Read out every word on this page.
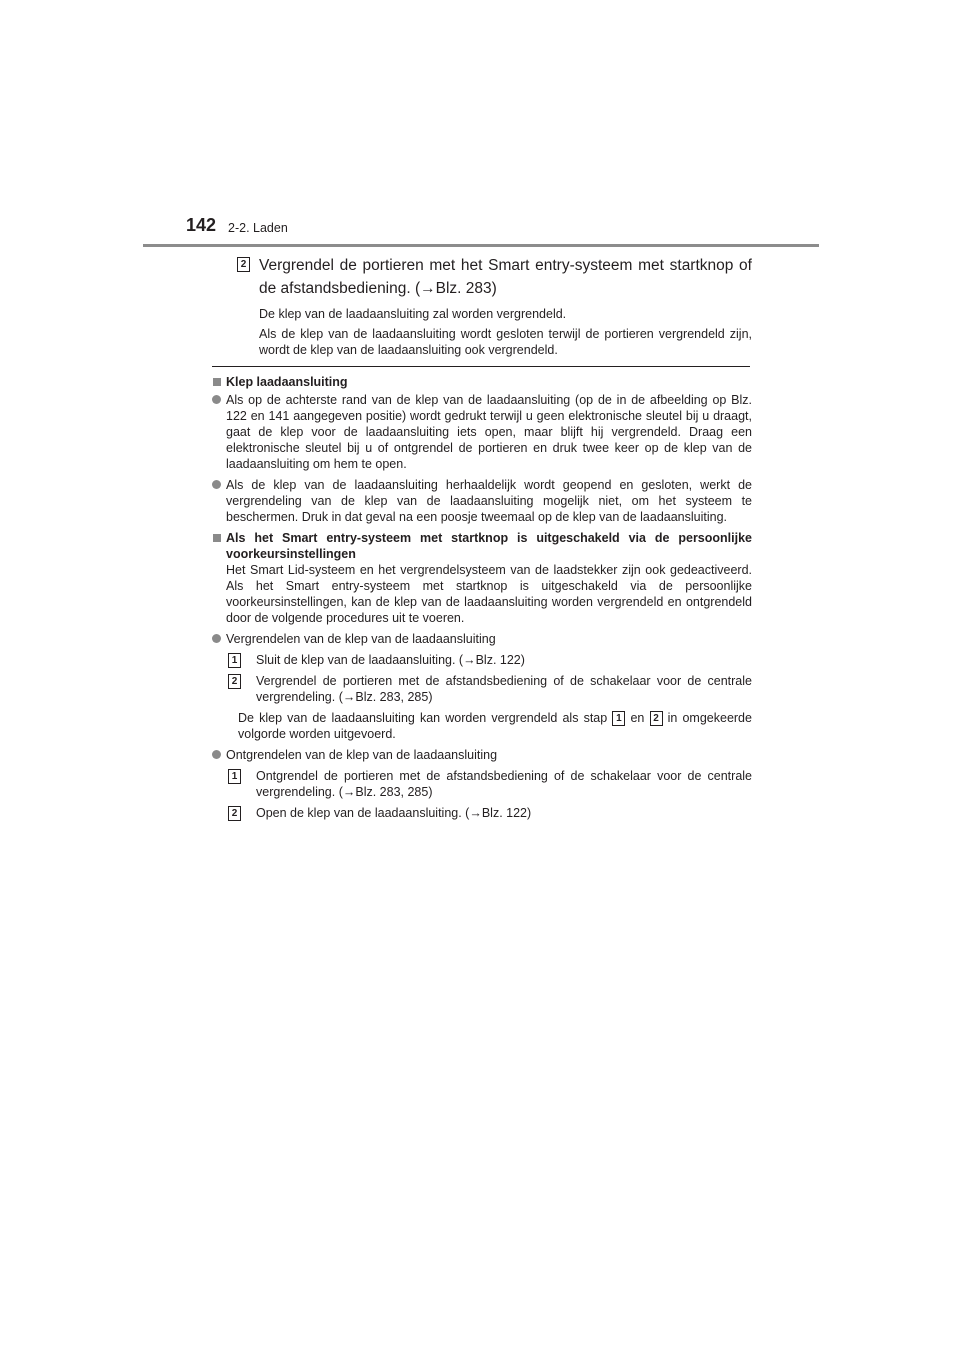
142 2-2. Laden
2 Vergrendel de portieren met het Smart entry-systeem met startknop of de afstandsbediening. (→Blz. 283)

De klep van de laadaansluiting zal worden vergrendeld.

Als de klep van de laadaansluiting wordt gesloten terwijl de portieren vergrendeld zijn, wordt de klep van de laadaansluiting ook vergrendeld.

Klep laadaansluiting

Als op de achterste rand van de klep van de laadaansluiting (op de in de afbeelding op Blz. 122 en 141 aangegeven positie) wordt gedrukt terwijl u geen elektronische sleutel bij u draagt, gaat de klep voor de laadaansluiting iets open, maar blijft hij vergrendeld. Draag een elektronische sleutel bij u of ontgrendel de portieren en druk twee keer op de klep van de laadaansluiting om hem te open.

Als de klep van de laadaansluiting herhaaldelijk wordt geopend en gesloten, werkt de vergrendeling van de klep van de laadaansluiting mogelijk niet, om het systeem te beschermen. Druk in dat geval na een poosje tweemaal op de klep van de laadaansluiting.

Als het Smart entry-systeem met startknop is uitgeschakeld via de persoonlijke voorkeursinstellingen

Het Smart Lid-systeem en het vergrendelsysteem van de laadstekker zijn ook gedeactiveerd. Als het Smart entry-systeem met startknop is uitgeschakeld via de persoonlijke voorkeursinstellingen, kan de klep van de laadaansluiting worden vergrendeld en ontgrendeld door de volgende procedures uit te voeren.

Vergrendelen van de klep van de laadaansluiting

1 Sluit de klep van de laadaansluiting. (→Blz. 122)

2 Vergrendel de portieren met de afstandsbediening of de schakelaar voor de centrale vergrendeling. (→Blz. 283, 285)

De klep van de laadaansluiting kan worden vergrendeld als stap 1 en 2 in omgekeerde volgorde worden uitgevoerd.

Ontgrendelen van de klep van de laadaansluiting

1 Ontgrendel de portieren met de afstandsbediening of de schakelaar voor de centrale vergrendeling. (→Blz. 283, 285)

2 Open de klep van de laadaansluiting. (→Blz. 122)
